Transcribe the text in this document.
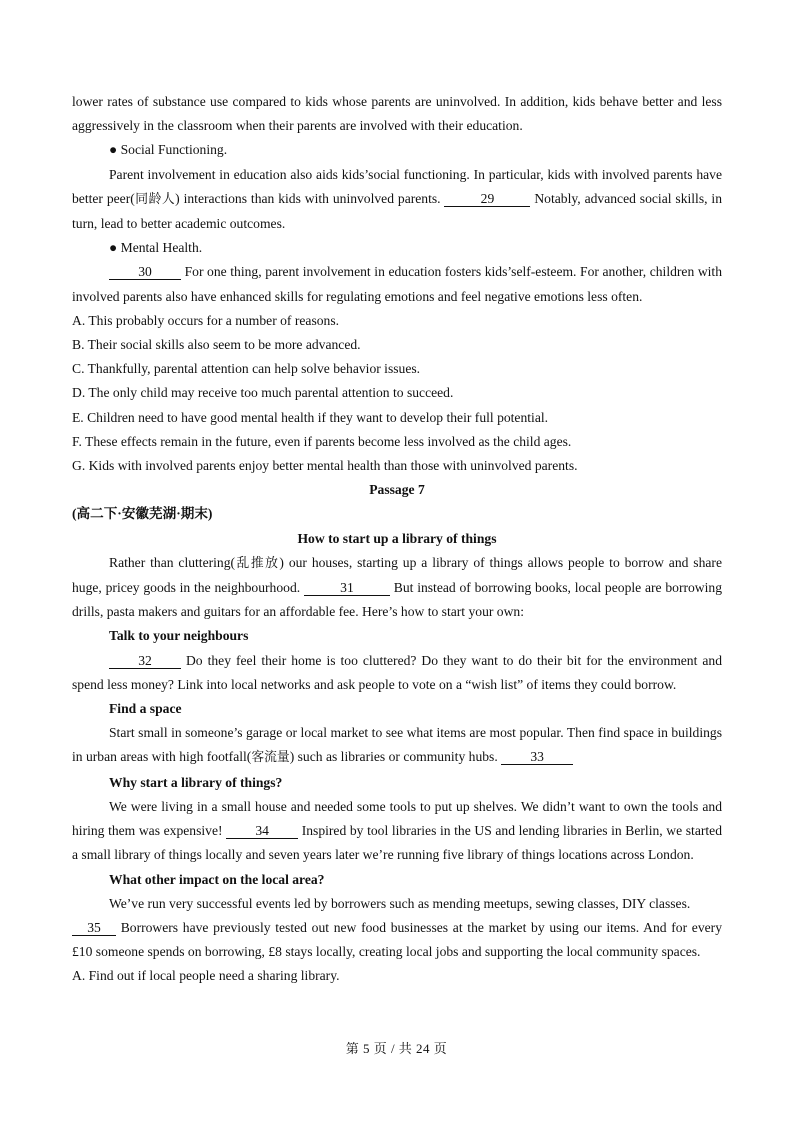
lower rates of substance use compared to kids whose parents are uninvolved. In addition, kids behave better and less aggressively in the classroom when their parents are involved with their education.

● Social Functioning.

Parent involvement in education also aids kids’social functioning. In particular, kids with involved parents have better peer(同龄人) interactions than kids with uninvolved parents.	29	Notably, advanced social skills, in turn, lead to better academic outcomes.

● Mental Health.

30 For one thing, parent involvement in education fosters kids’self-esteem. For another, children with involved parents also have enhanced skills for regulating emotions and feel negative emotions less often.

A. This probably occurs for a number of reasons.

B. Their social skills also seem to be more advanced.

C. Thankfully, parental attention can help solve behavior issues.

D. The only child may receive too much parental attention to succeed.

E. Children need to have good mental health if they want to develop their full potential.

F. These effects remain in the future, even if parents become less involved as the child ages.

G. Kids with involved parents enjoy better mental health than those with uninvolved parents.

Passage 7

(高二下·安徽芜湖·期末)

How to start up a library of things

Rather than cluttering(乱推放) our houses, starting up a library of things allows people to borrow and share huge, pricey goods in the neighbourhood.	31	But instead of borrowing books, local people are borrowing drills, pasta makers and guitars for an affordable fee. Here’s how to start your own:

Talk to your neighbours

32 Do they feel their home is too cluttered? Do they want to do their bit for the environment and spend less money? Link into local networks and ask people to vote on a “wish list” of items they could borrow.

Find a space

Start small in someone’s garage or local market to see what items are most popular. Then find space in buildings in urban areas with high footfall(客流量) such as libraries or community hubs. 33

Why start a library of things?

We were living in a small house and needed some tools to put up shelves. We didn’t want to own the tools and hiring them was expensive! 34 Inspired by tool libraries in the US and lending libraries in Berlin, we started a small library of things locally and seven years later we’re running five library of things locations across London.

What other impact on the local area?

We’ve run very successful events led by borrowers such as mending meetups, sewing classes, DIY classes.

35 Borrowers have previously tested out new food businesses at the market by using our items. And for every £10 someone spends on borrowing, £8 stays locally, creating local jobs and supporting the local community spaces.

A. Find out if local people need a sharing library.

第 5 页 / 共 24 页
